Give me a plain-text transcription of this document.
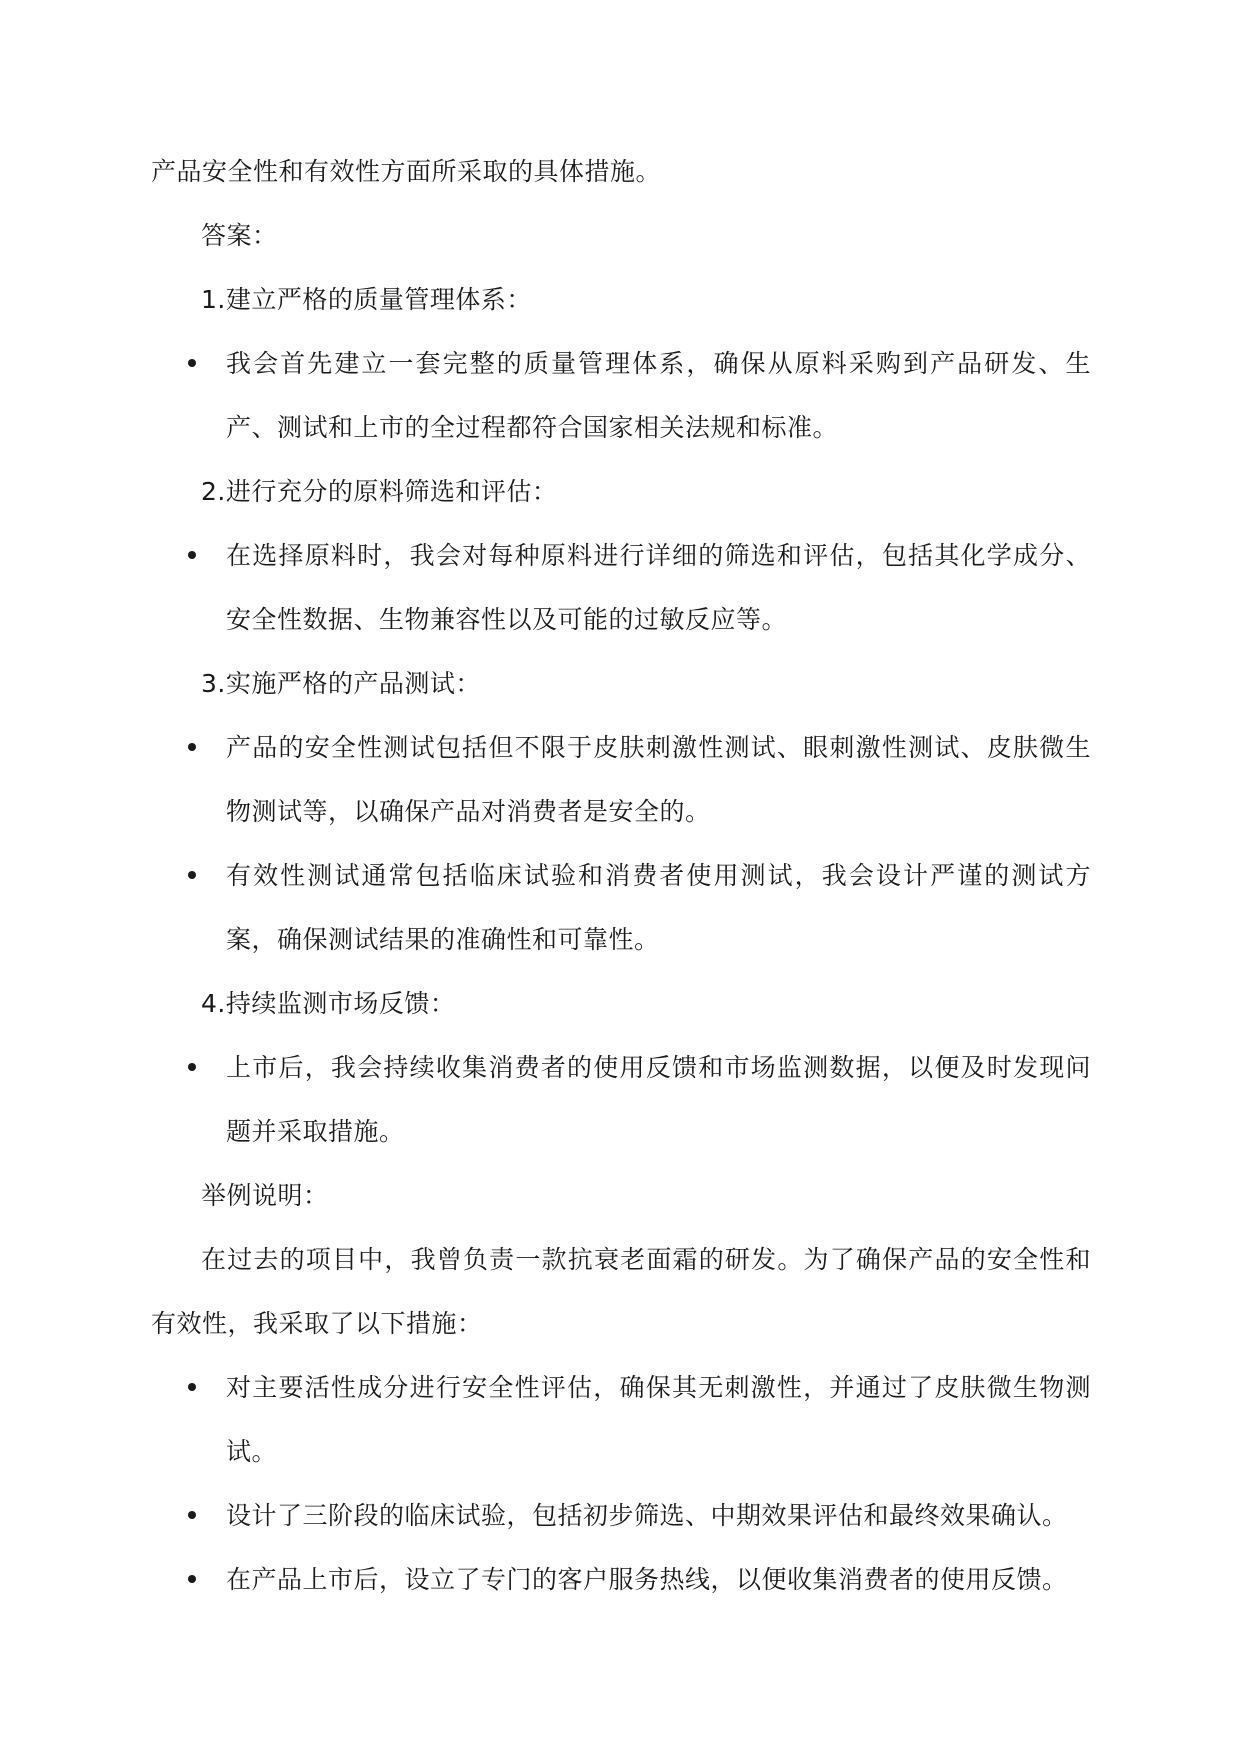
产品安全性和有效性方面所采取的具体措施。

答案：

1.建立严格的质量管理体系：

我会首先建立一套完整的质量管理体系，确保从原料采购到产品研发、生产、测试和上市的全过程都符合国家相关法规和标准。

2.进行充分的原料筛选和评估：

在选择原料时，我会对每种原料进行详细的筛选和评估，包括其化学成分、安全性数据、生物兼容性以及可能的过敏反应等。

3.实施严格的产品测试：

产品的安全性测试包括但不限于皮肤刺激性测试、眼刺激性测试、皮肤微生物测试等，以确保产品对消费者是安全的。
有效性测试通常包括临床试验和消费者使用测试，我会设计严谨的测试方案，确保测试结果的准确性和可靠性。

4.持续监测市场反馈：

上市后，我会持续收集消费者的使用反馈和市场监测数据，以便及时发现问题并采取措施。

举例说明：

在过去的项目中，我曾负责一款抗衰老面霜的研发。为了确保产品的安全性和有效性，我采取了以下措施：

对主要活性成分进行安全性评估，确保其无刺激性，并通过了皮肤微生物测试。
设计了三阶段的临床试验，包括初步筛选、中期效果评估和最终效果确认。
在产品上市后，设立了专门的客户服务热线，以便收集消费者的使用反馈。
